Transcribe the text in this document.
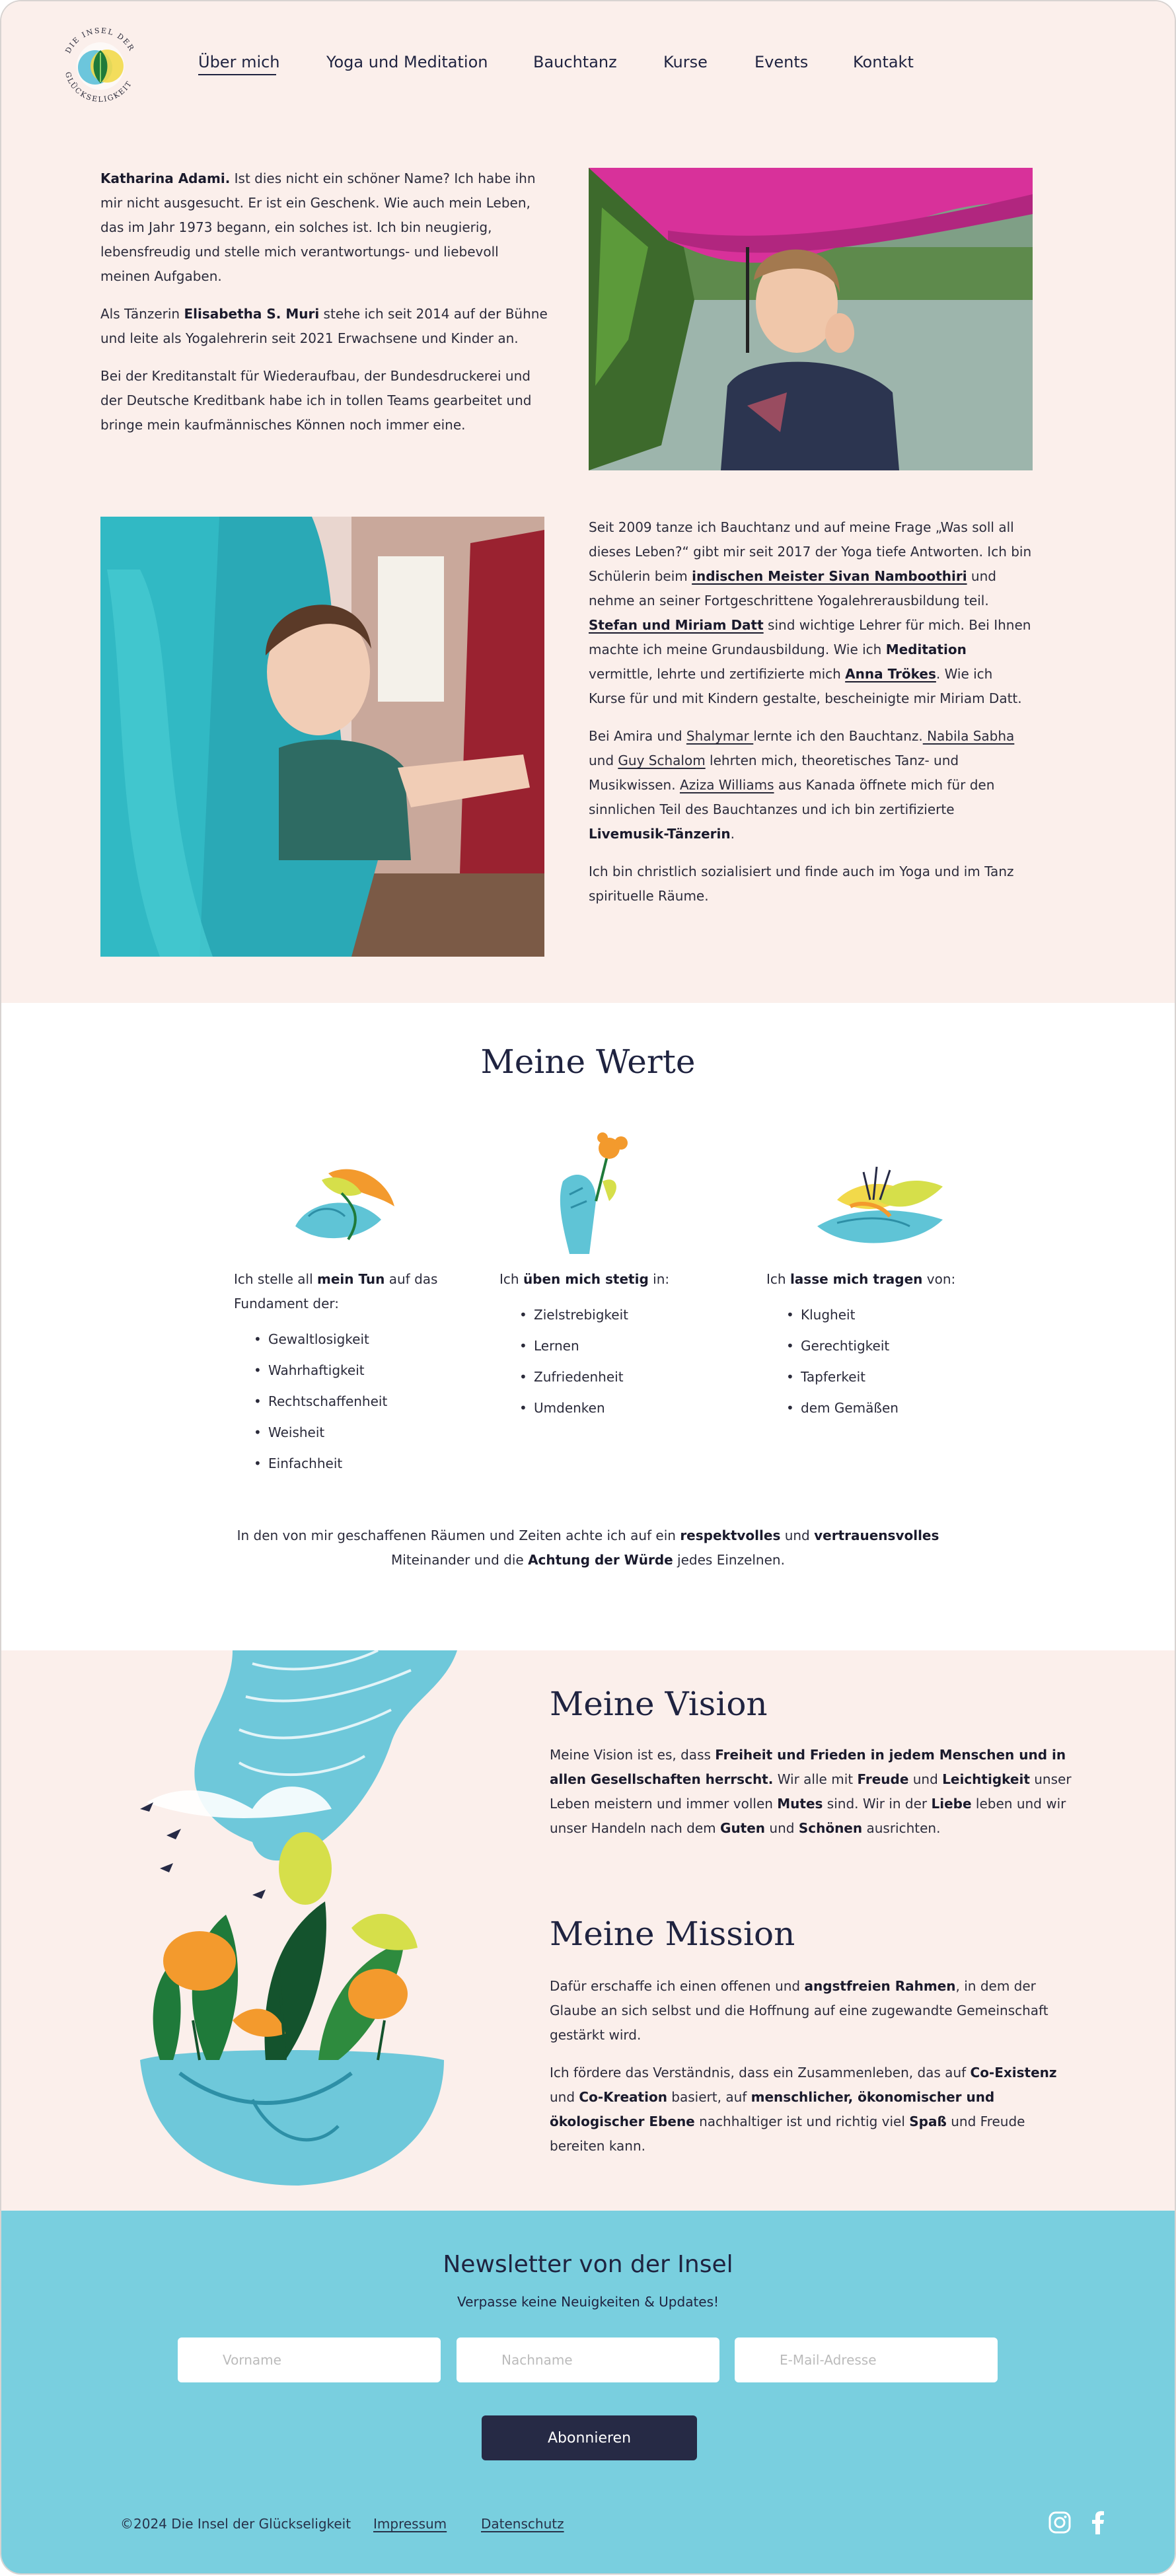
DIE INSEL DER
GLÜCKSELIGKEIT
Über mich	Yoga und Meditation	Bauchtanz	Kurse	Events	Kontakt

Katharina Adami. Ist dies nicht ein schöner Name? Ich habe ihn mir nicht ausgesucht. Er ist ein Geschenk. Wie auch mein Leben, das im Jahr 1973 begann, ein solches ist. Ich bin neugierig, lebensfreudig und stelle mich verantwortungs- und liebevoll meinen Aufgaben.

Als Tänzerin Elisabetha S. Muri stehe ich seit 2014 auf der Bühne und leite als Yogalehrerin seit 2021 Erwachsene und Kinder an.

Bei der Kreditanstalt für Wiederaufbau, der Bundesdruckerei und der Deutsche Kreditbank habe ich in tollen Teams gearbeitet und bringe mein kaufmännisches Können noch immer eine.

Seit 2009 tanze ich Bauchtanz und auf meine Frage „Was soll all dieses Leben?“ gibt mir seit 2017 der Yoga tiefe Antworten. Ich bin Schülerin beim indischen Meister Sivan Namboothiri und nehme an seiner Fortgeschrittene Yogalehrerausbildung teil. Stefan und Miriam Datt sind wichtige Lehrer für mich. Bei Ihnen machte ich meine Grundausbildung. Wie ich Meditation vermittle, lehrte und zertifizierte mich Anna Trökes. Wie ich Kurse für und mit Kindern gestalte, bescheinigte mir Miriam Datt.

Bei Amira und Shalymar lernte ich den Bauchtanz. Nabila Sabha und Guy Schalom lehrten mich, theoretisches Tanz- und Musikwissen. Aziza Williams aus Kanada öffnete mich für den sinnlichen Teil des Bauchtanzes und ich bin zertifizierte Livemusik-Tänzerin.

Ich bin christlich sozialisiert und finde auch im Yoga und im Tanz spirituelle Räume.

Meine Werte

Ich stelle all mein Tun auf das Fundament der:

• Gewaltlosigkeit
• Wahrhaftigkeit
• Rechtschaffenheit
• Weisheit
• Einfachheit

Ich üben mich stetig in:

• Zielstrebigkeit
• Lernen
• Zufriedenheit
• Umdenken

Ich lasse mich tragen von:

• Klugheit
• Gerechtigkeit
• Tapferkeit
• dem Gemäßen

In den von mir geschaffenen Räumen und Zeiten achte ich auf ein respektvolles und vertrauensvolles Miteinander und die Achtung der Würde jedes Einzelnen.

Meine Vision

Meine Vision ist es, dass Freiheit und Frieden in jedem Menschen und in allen Gesellschaften herrscht. Wir alle mit Freude und Leichtigkeit unser Leben meistern und immer vollen Mutes sind. Wir in der Liebe leben und wir unser Handeln nach dem Guten und Schönen ausrichten.

Meine Mission

Dafür erschaffe ich einen offenen und angstfreien Rahmen, in dem der Glaube an sich selbst und die Hoffnung auf eine zugewandte Gemeinschaft gestärkt wird.

Ich fördere das Verständnis, dass ein Zusammenleben, das auf Co-Existenz und Co-Kreation basiert, auf menschlicher, ökonomischer und ökologischer Ebene nachhaltiger ist und richtig viel Spaß und Freude bereiten kann.

Newsletter von der Insel

Verpasse keine Neuigkeiten & Updates!

Vorname
Nachname
E-Mail-Adresse
Abonnieren
©2024 Die Insel der Glückseligkeit Impressum	Datenschutz
